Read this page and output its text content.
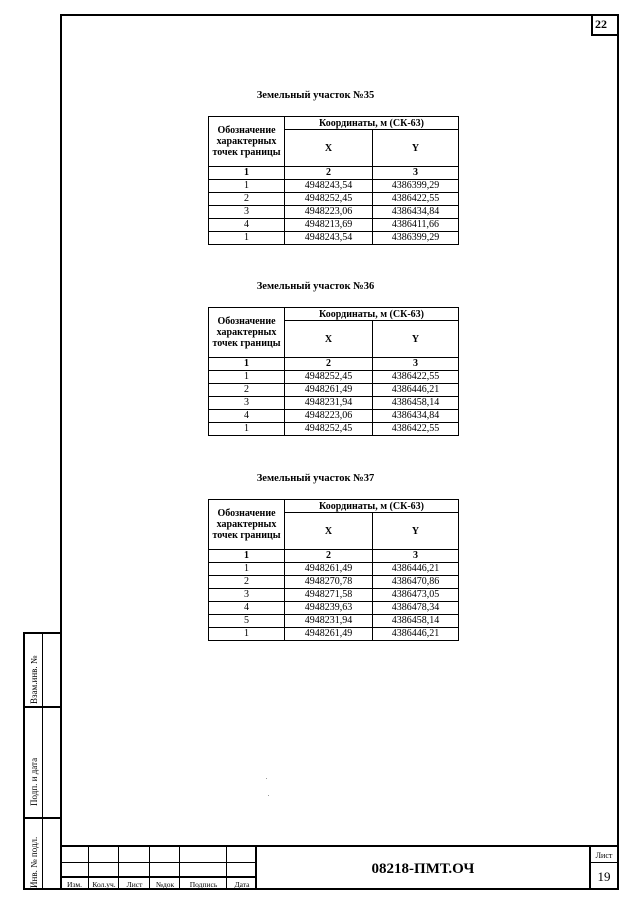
22
Земельный участок №35
Обозначение характерных точек границы	Координаты, м (СК-63)	
	X	Y
1	2	3
1	4948243,54	4386399,29
2	4948252,45	4386422,55
3	4948223,06	4386434,84
4	4948213,69	4386411,66
1	4948243,54	4386399,29
Земельный участок №36
Обозначение характерных точек границы	Координаты, м (СК-63)	
	X	Y
1	2	3
1	4948252,45	4386422,55
2	4948261,49	4386446,21
3	4948231,94	4386458,14
4	4948223,06	4386434,84
1	4948252,45	4386422,55
Земельный участок №37
Обозначение характерных точек границы	Координаты, м (СК-63)	
	X	Y
1	2	3
1	4948261,49	4386446,21
2	4948270,78	4386470,86
3	4948271,58	4386473,05
4	4948239,63	4386478,34
5	4948231,94	4386458,14
1	4948261,49	4386446,21
Взам.инв. №
Подп. и дата
Инв. № подл.	Изм.	Кол.уч.	Лист	№док	Подпись	Дата
08218-ПМТ.ОЧ
Лист
19
